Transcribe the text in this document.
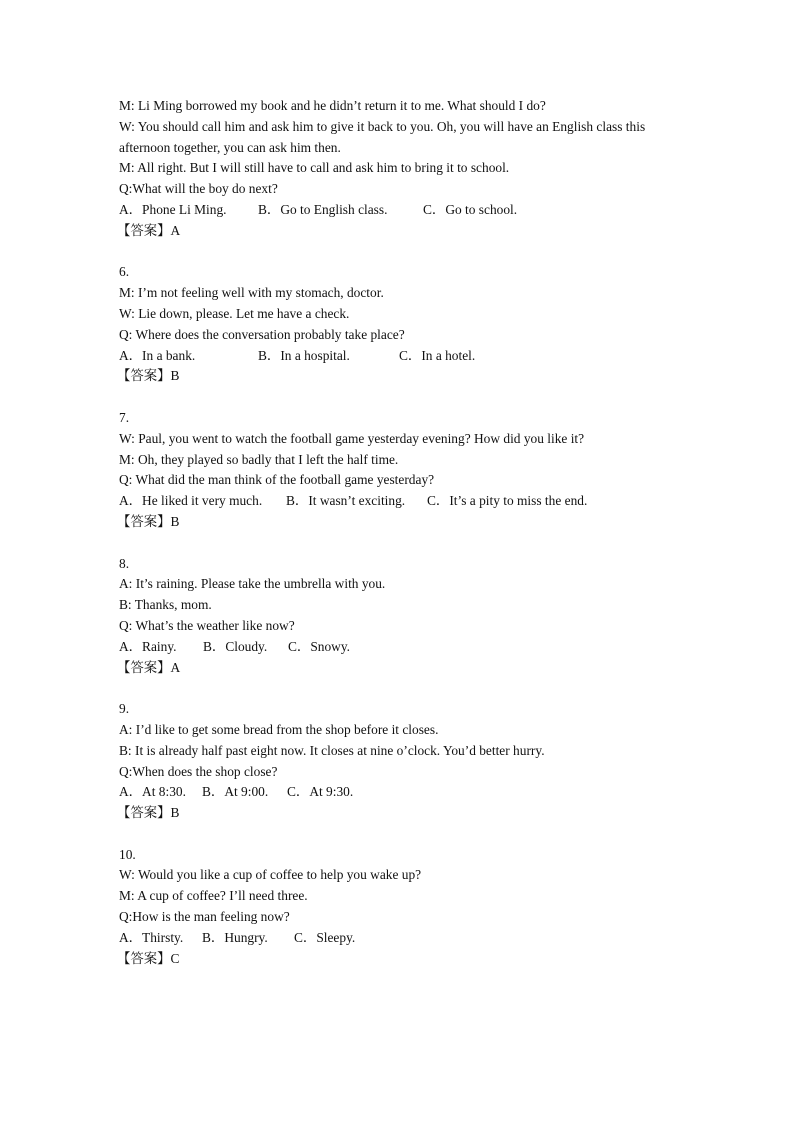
M: Li Ming borrowed my book and he didn’t return it to me. What should I do?
W: You should call him and ask him to give it back to you. Oh, you will have an English class this
afternoon together, you can ask him then.
M: All right. But I will still have to call and ask him to bring it to school.
Q:What will the boy do next?
A．Phone Li Ming.	B．Go to English class.	C．Go to school.
【答案】A
6.
M: I’m not feeling well with my stomach, doctor.
W: Lie down, please. Let me have a check.
Q: Where does the conversation probably take place?
A．In a bank.	B．In a hospital.	C．In a hotel.
【答案】B
7.
W: Paul, you went to watch the football game yesterday evening? How did you like it?
M: Oh, they played so badly that I left the half time.
Q: What did the man think of the football game yesterday?
A．He liked it very much.	B．It wasn’t exciting.	C．It’s a pity to miss the end.
【答案】B
8.
A: It’s raining. Please take the umbrella with you.
B: Thanks, mom.
Q: What’s the weather like now?
A．Rainy.	B．Cloudy.	C．Snowy.
【答案】A
9.
A: I’d like to get some bread from the shop before it closes.
B: It is already half past eight now. It closes at nine o’clock. You’d better hurry.
Q:When does the shop close?
A．At 8:30.	B．At 9:00.	C．At 9:30.
【答案】B
10.
W: Would you like a cup of coffee to help you wake up?
M: A cup of coffee? I’ll need three.
Q:How is the man feeling now?
A．Thirsty.	B．Hungry.	C．Sleepy.
【答案】C
